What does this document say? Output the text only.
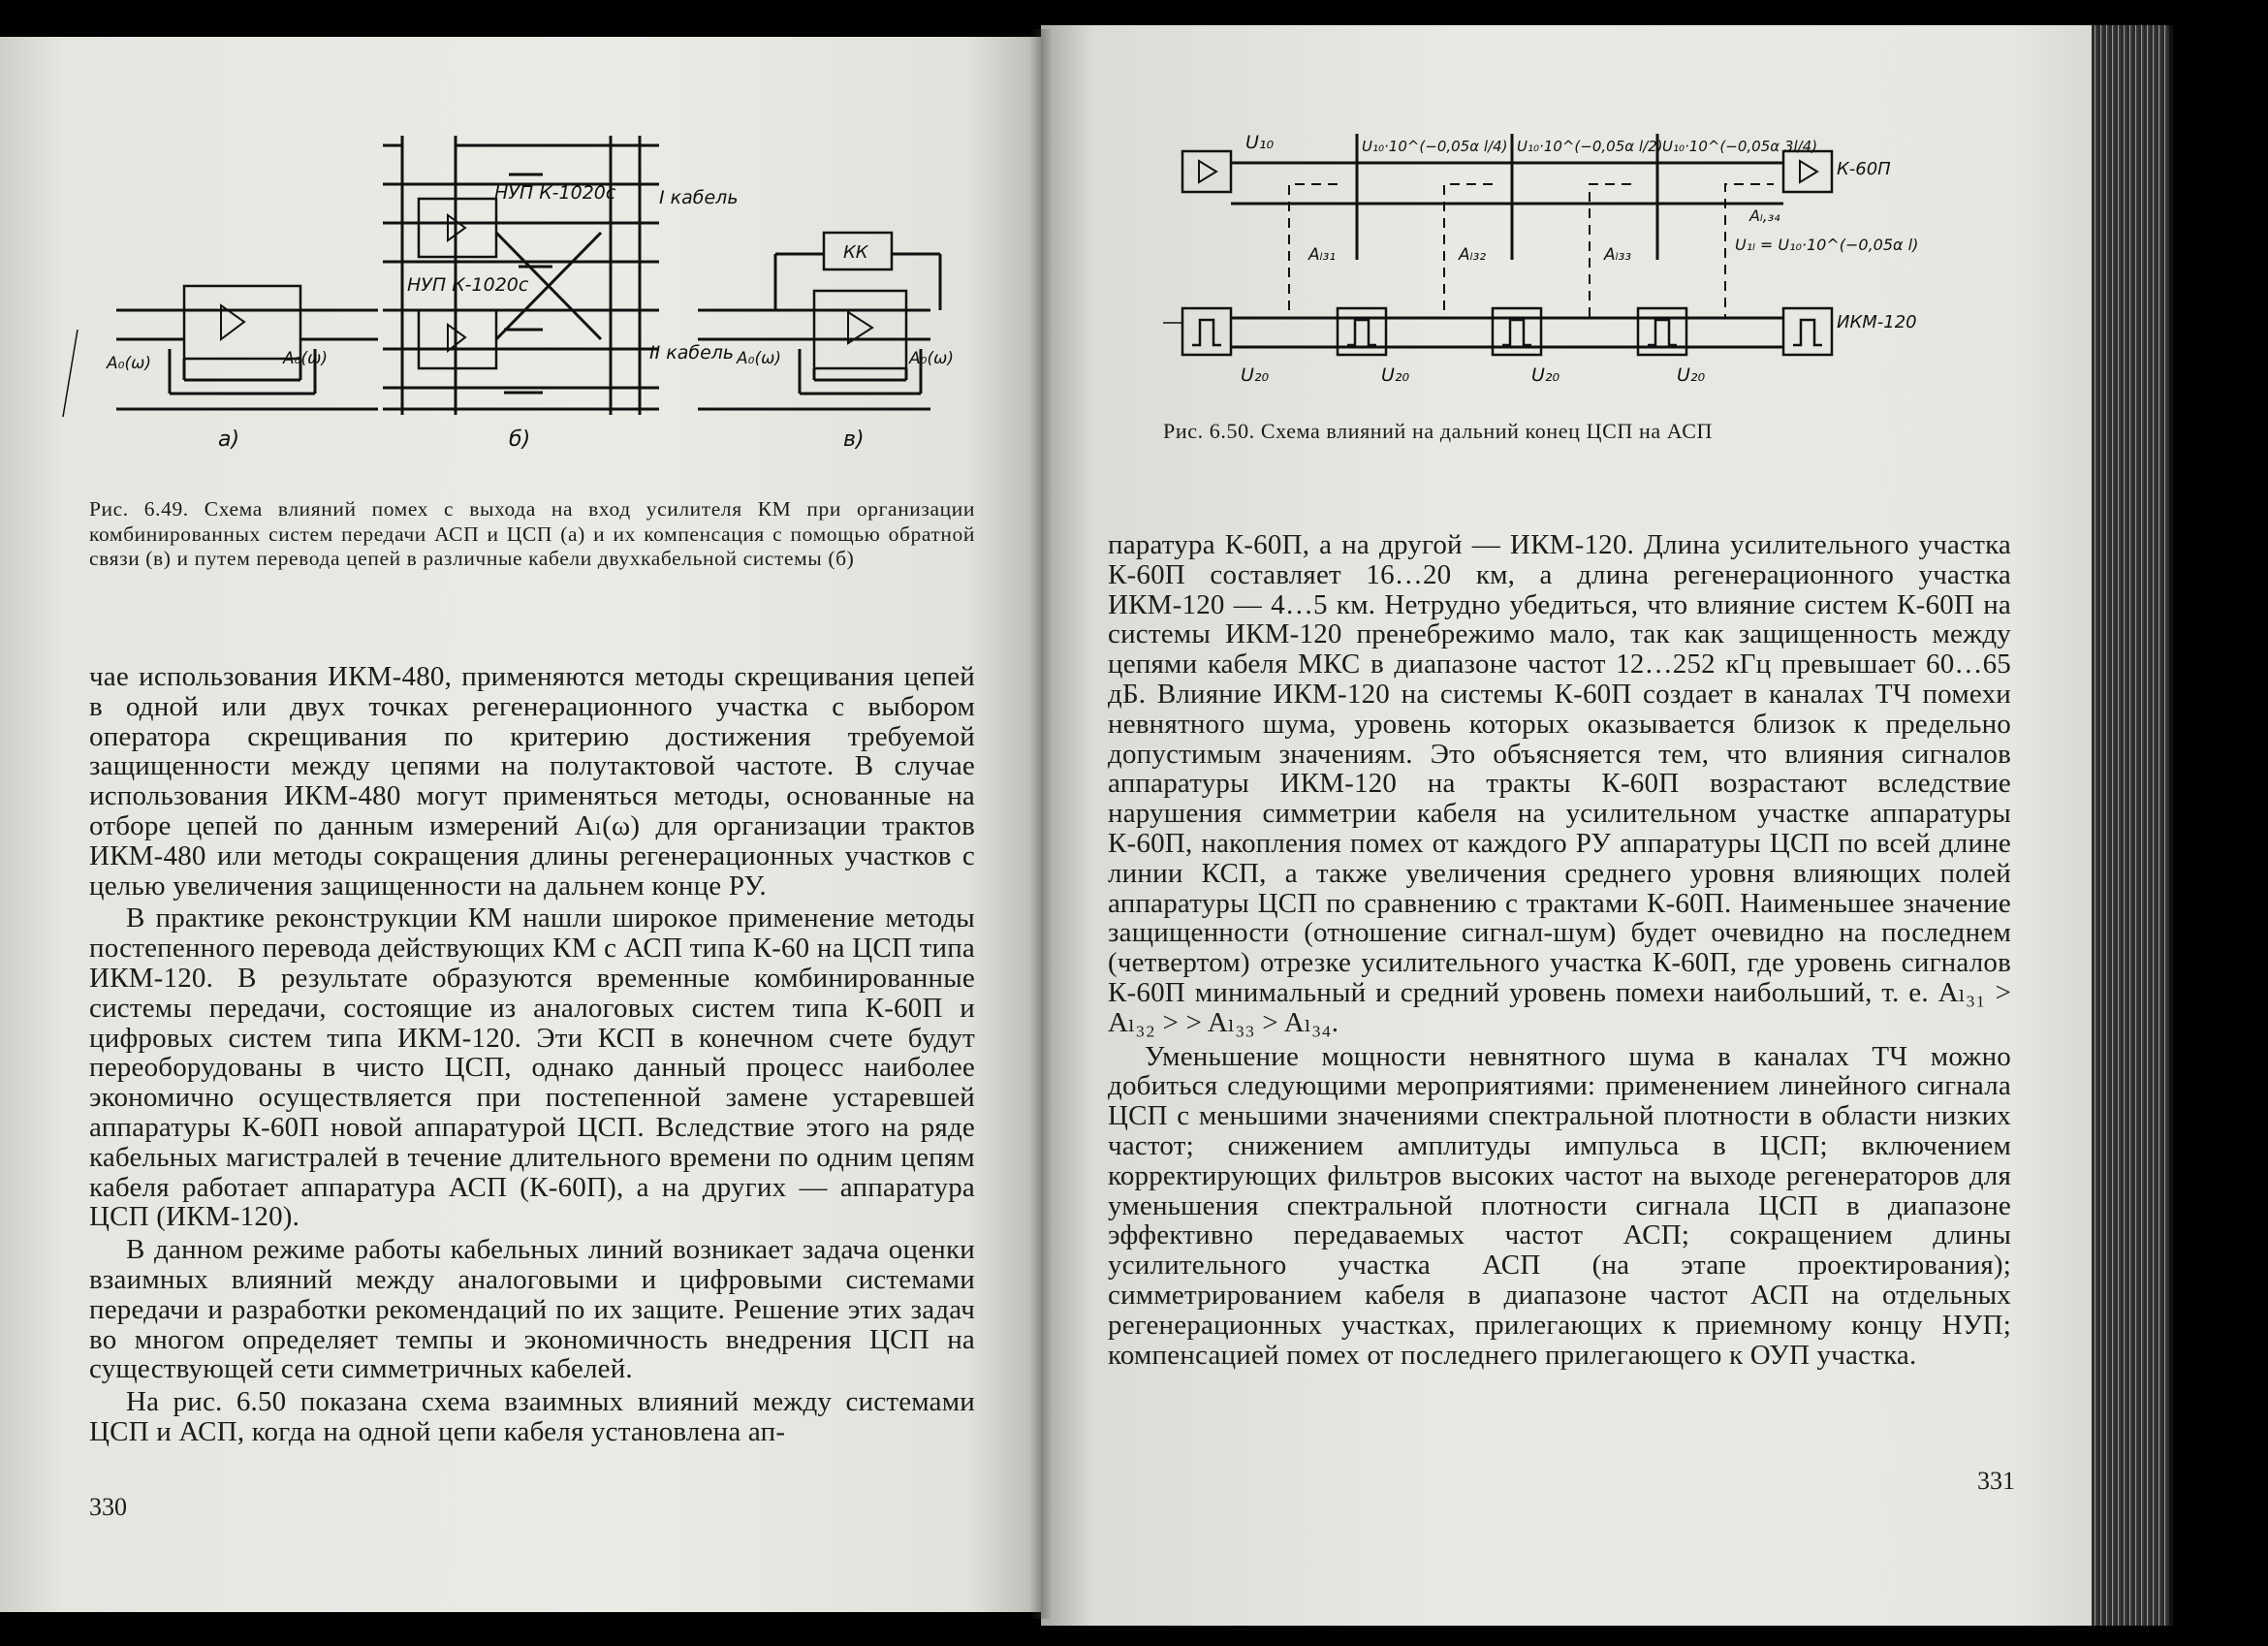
НУП К-1020с
НУП К-1020с
I кабель
II кабель
КК
A₀(ω)	A₀(ω)	A₀(ω)	A₀(ω)
а)	б)	в)
Рис. 6.49. Схема влияний помех с выхода на вход усилителя КМ при организации комбинированных систем передачи АСП и ЦСП (а) и их компенсация с помощью обратной связи (в) и путем перевода цепей в различные кабели двухкабельной системы (б)

чае использования ИКМ-480, применяются методы скрещивания цепей в одной или двух точках регенерационного участка с выбором оператора скрещивания по критерию достижения требуемой защищенности между цепями на полутактовой частоте. В случае использования ИКМ-480 могут применяться методы, основанные на отборе цепей по данным измерений Aₗ(ω) для организации трактов ИКМ-480 или методы сокращения длины регенерационных участков с целью увеличения защищенности на дальнем конце РУ.

В практике реконструкции КМ нашли широкое применение методы постепенного перевода действующих КМ с АСП типа К-60 на ЦСП типа ИКМ-120. В результате образуются временные комбинированные системы передачи, состоящие из аналоговых систем типа К-60П и цифровых систем типа ИКМ-120. Эти КСП в конечном счете будут переоборудованы в чисто ЦСП, однако данный процесс наиболее экономично осуществляется при постепенной замене устаревшей аппаратуры К-60П новой аппаратурой ЦСП. Вследствие этого на ряде кабельных магистралей в течение длительного времени по одним цепям кабеля работает аппаратура АСП (К-60П), а на других — аппаратура ЦСП (ИКМ-120).

В данном режиме работы кабельных линий возникает задача оценки взаимных влияний между аналоговыми и цифровыми системами передачи и разработки рекомендаций по их защите. Решение этих задач во многом определяет темпы и экономичность внедрения ЦСП на существующей сети симметричных кабелей.

На рис. 6.50 показана схема взаимных влияний между системами ЦСП и АСП, когда на одной цепи кабеля установлена ап-

330
U₁₀	U₁₀·10^(−0,05α l/4) U₁₀·10^(−0,05α l/2) U₁₀·10^(−0,05α 3l/4)
К-60П
ИКМ-120
Aₗ₃₁	Aₗ₃₂	Aₗ₃₃
Aₗ,₃₄
U₁ₗ = U₁₀·10^(−0,05α l)
U₂₀	U₂₀	U₂₀	U₂₀
Рис. 6.50. Схема влияний на дальний конец ЦСП на АСП

паратура К-60П, а на другой — ИКМ-120. Длина усилительного участка К-60П составляет 16…20 км, а длина регенерационного участка ИКМ-120 — 4…5 км. Нетрудно убедиться, что влияние систем К-60П на системы ИКМ-120 пренебрежимо мало, так как защищенность между цепями кабеля МКС в диапазоне частот 12…252 кГц превышает 60…65 дБ. Влияние ИКМ-120 на системы К-60П создает в каналах ТЧ помехи невнятного шума, уровень которых оказывается близок к предельно допустимым значениям. Это объясняется тем, что влияния сигналов аппаратуры ИКМ-120 на тракты К-60П возрастают вследствие нарушения симметрии кабеля на усилительном участке аппаратуры К-60П, накопления помех от каждого РУ аппаратуры ЦСП по всей длине линии КСП, а также увеличения среднего уровня влияющих полей аппаратуры ЦСП по сравнению с трактами К-60П. Наименьшее значение защищенности (отношение сигнал-шум) будет очевидно на последнем (четвертом) отрезке усилительного участка К-60П, где уровень сигналов К-60П минимальный и средний уровень помехи наибольший, т. е. Aₗ₃₁ > Aₗ₃₂ > > Aₗ₃₃ > Aₗ₃₄.

Уменьшение мощности невнятного шума в каналах ТЧ можно добиться следующими мероприятиями: применением линейного сигнала ЦСП с меньшими значениями спектральной плотности в области низких частот; снижением амплитуды импульса в ЦСП; включением корректирующих фильтров высоких частот на выходе регенераторов для уменьшения спектральной плотности сигнала ЦСП в диапазоне эффективно передаваемых частот АСП; сокращением длины усилительного участка АСП (на этапе проектирования); симметрированием кабеля в диапазоне частот АСП на отдельных регенерационных участках, прилегающих к приемному концу НУП; компенсацией помех от последнего прилегающего к ОУП участка.

331
